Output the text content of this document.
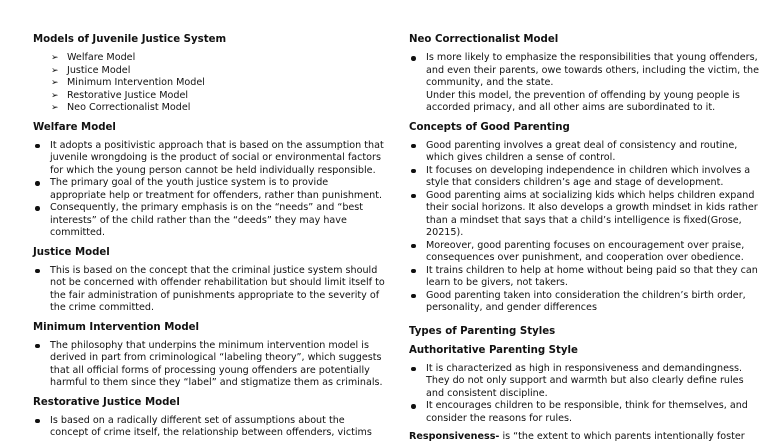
Models of Juvenile Justice System
➢ Welfare Model
➢ Justice Model
➢ Minimum Intervention Model
➢ Restorative Justice Model
➢ Neo Correctionalist Model
Welfare Model
It adopts a positivistic approach that is based on the assumption that
juvenile wrongdoing is the product of social or environmental factors
for which the young person cannot be held individually responsible.
The primary goal of the youth justice system is to provide
appropriate help or treatment for offenders, rather than punishment.
Consequently, the primary emphasis is on the “needs” and “best
interests” of the child rather than the “deeds” they may have
committed.
Justice Model
This is based on the concept that the criminal justice system should
not be concerned with offender rehabilitation but should limit itself to
the fair administration of punishments appropriate to the severity of
the crime committed.
Minimum Intervention Model
The philosophy that underpins the minimum intervention model is
derived in part from criminological “labeling theory”, which suggests
that all official forms of processing young offenders are potentially
harmful to them since they “label” and stigmatize them as criminals.
Restorative Justice Model
Is based on a radically different set of assumptions about the
concept of crime itself, the relationship between offenders, victims
Neo Correctionalist Model
Is more likely to emphasize the responsibilities that young offenders,
and even their parents, owe towards others, including the victim, the
community, and the state.
Under this model, the prevention of offending by young people is
accorded primacy, and all other aims are subordinated to it.
Concepts of Good Parenting
Good parenting involves a great deal of consistency and routine,
which gives children a sense of control.
It focuses on developing independence in children which involves a
style that considers children’s age and stage of development.
Good parenting aims at socializing kids which helps children expand
their social horizons. It also develops a growth mindset in kids rather
than a mindset that says that a child’s intelligence is fixed(Grose,
20215).
Moreover, good parenting focuses on encouragement over praise,
consequences over punishment, and cooperation over obedience.
It trains children to help at home without being paid so that they can
learn to be givers, not takers.
Good parenting taken into consideration the children’s birth order,
personality, and gender differences
Types of Parenting Styles
Authoritative Parenting Style
It is characterized as high in responsiveness and demandingness.
They do not only support and warmth but also clearly define rules
and consistent discipline.
It encourages children to be responsible, think for themselves, and
consider the reasons for rules.
Responsiveness- is “the extent to which parents intentionally foster
